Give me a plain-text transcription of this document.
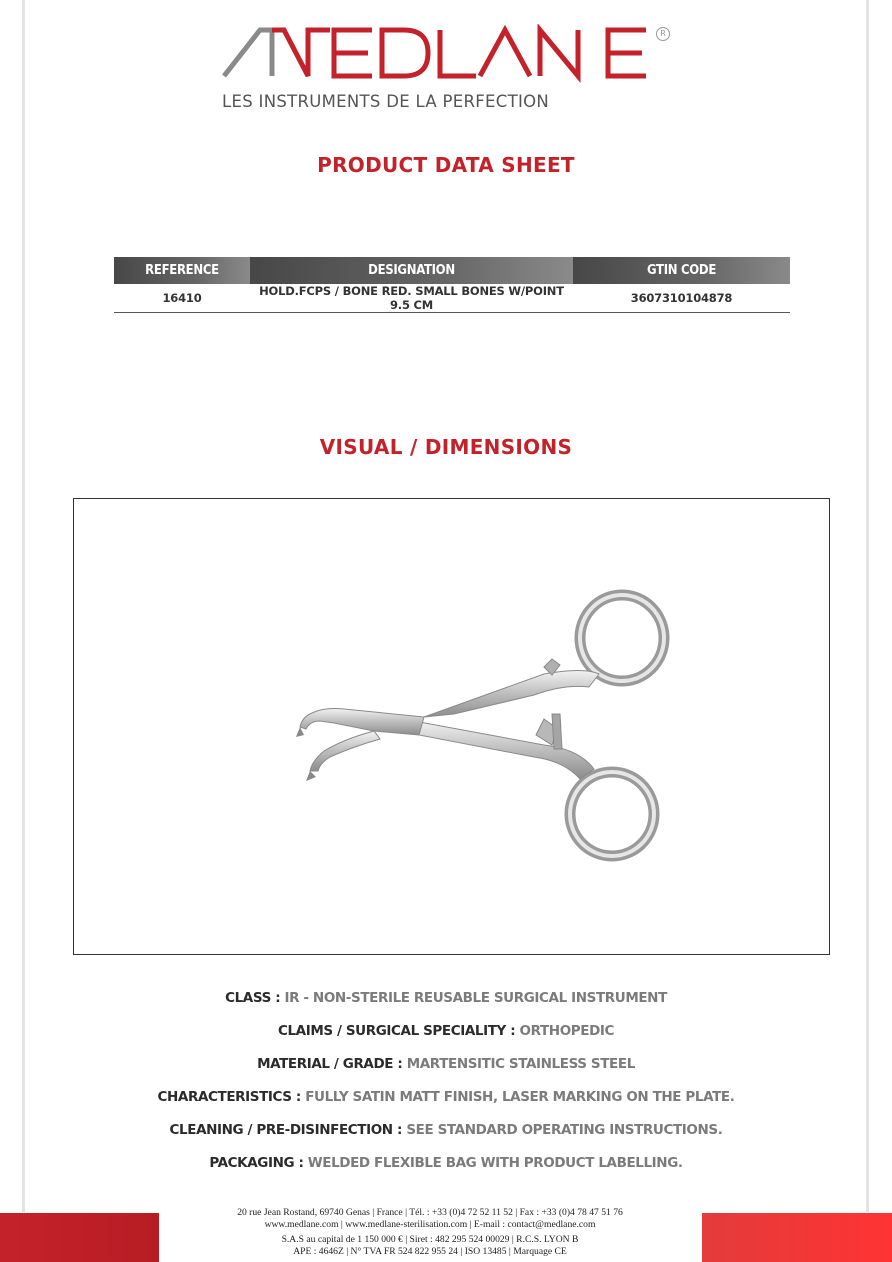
MEDLANE
R
LES INSTRUMENTS DE LA PERFECTION
PRODUCT DATA SHEET
REFERENCE	DESIGNATION	GTIN CODE
16410	HOLD.FCPS / BONE RED. SMALL BONES W/POINT 9.5 CM	3607310104878
VISUAL / DIMENSIONS
CLASS : IR - NON-STERILE REUSABLE SURGICAL INSTRUMENT
CLAIMS / SURGICAL SPECIALITY : ORTHOPEDIC
MATERIAL / GRADE : MARTENSITIC STAINLESS STEEL
CHARACTERISTICS : FULLY SATIN MATT FINISH, LASER MARKING ON THE PLATE.
CLEANING / PRE-DISINFECTION : SEE STANDARD OPERATING INSTRUCTIONS.
PACKAGING : WELDED FLEXIBLE BAG WITH PRODUCT LABELLING.
20 rue Jean Rostand, 69740 Genas | France | Tél. : +33 (0)4 72 52 11 52 | Fax : +33 (0)4 78 47 51 76
www.medlane.com | www.medlane-sterilisation.com | E-mail : contact@medlane.com
S.A.S au capital de 1 150 000 € | Siret : 482 295 524 00029 | R.C.S. LYON B
APE : 4646Z | N° TVA FR 524 822 955 24 | ISO 13485 | Marquage CE
